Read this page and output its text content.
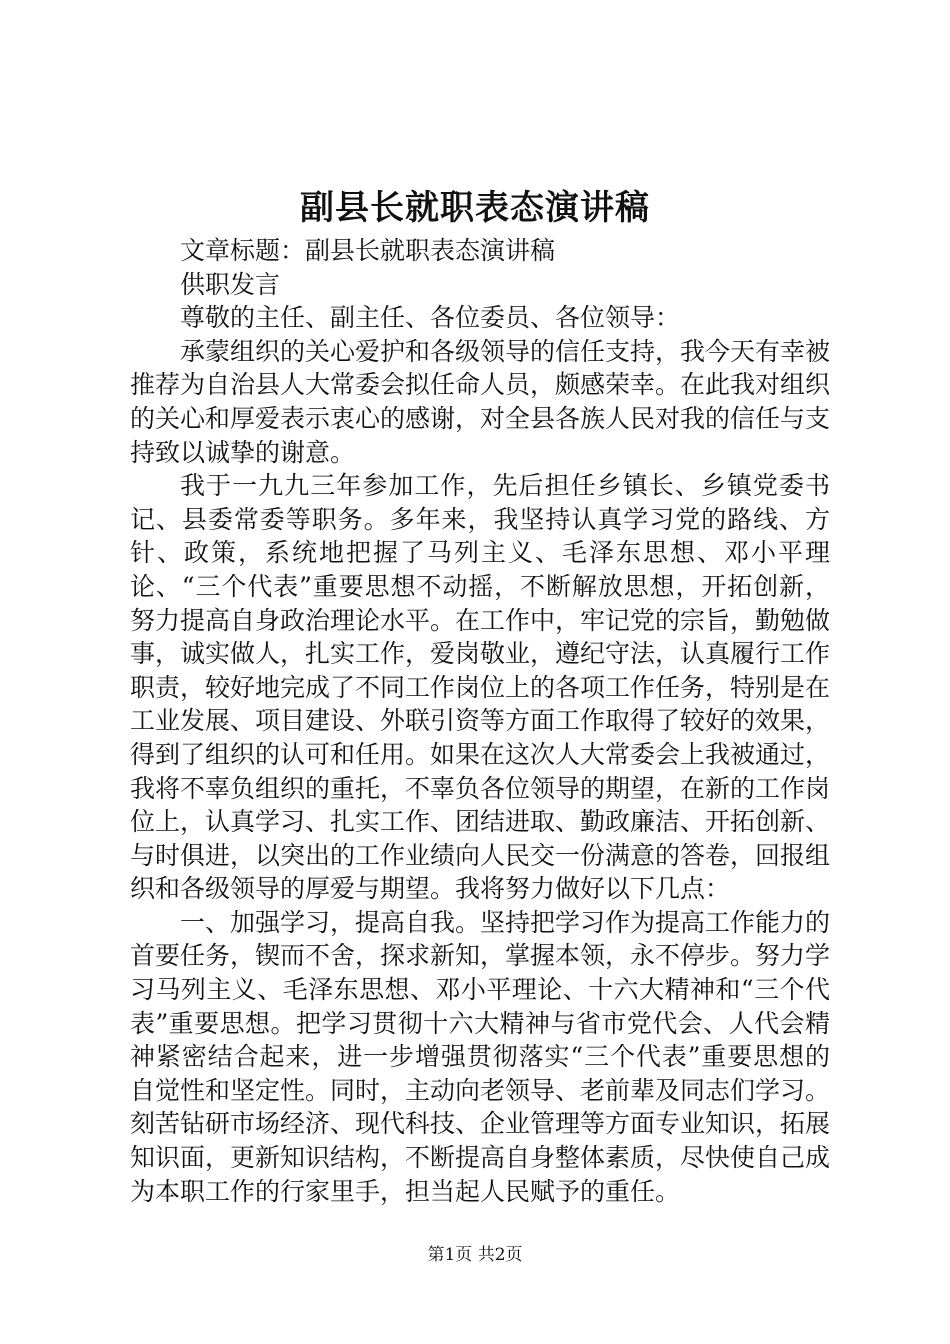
副县长就职表态演讲稿

文章标题：副县长就职表态演讲稿

供职发言

尊敬的主任、副主任、各位委员、各位领导：

承蒙组织的关心爱护和各级领导的信任支持，我今天有幸被推荐为自治县人大常委会拟任命人员，颇感荣幸。在此我对组织的关心和厚爱表示衷心的感谢，对全县各族人民对我的信任与支持致以诚挚的谢意。

我于一九九三年参加工作，先后担任乡镇长、乡镇党委书记、县委常委等职务。多年来，我坚持认真学习党的路线、方针、政策，系统地把握了马列主义、毛泽东思想、邓小平理论、“三个代表”重要思想不动摇，不断解放思想，开拓创新，努力提高自身政治理论水平。在工作中，牢记党的宗旨，勤勉做事，诚实做人，扎实工作，爱岗敬业，遵纪守法，认真履行工作职责，较好地完成了不同工作岗位上的各项工作任务，特别是在工业发展、项目建设、外联引资等方面工作取得了较好的效果，得到了组织的认可和任用。如果在这次人大常委会上我被通过，我将不辜负组织的重托，不辜负各位领导的期望，在新的工作岗位上，认真学习、扎实工作、团结进取、勤政廉洁、开拓创新、与时俱进，以突出的工作业绩向人民交一份满意的答卷，回报组织和各级领导的厚爱与期望。我将努力做好以下几点：

一、加强学习，提高自我。坚持把学习作为提高工作能力的首要任务，锲而不舍，探求新知，掌握本领，永不停步。努力学习马列主义、毛泽东思想、邓小平理论、十六大精神和“三个代表”重要思想。把学习贯彻十六大精神与省市党代会、人代会精神紧密结合起来，进一步增强贯彻落实“三个代表”重要思想的自觉性和坚定性。同时，主动向老领导、老前辈及同志们学习。刻苦钻研市场经济、现代科技、企业管理等方面专业知识，拓展知识面，更新知识结构，不断提高自身整体素质，尽快使自己成为本职工作的行家里手，担当起人民赋予的重任。

第1页 共2页
